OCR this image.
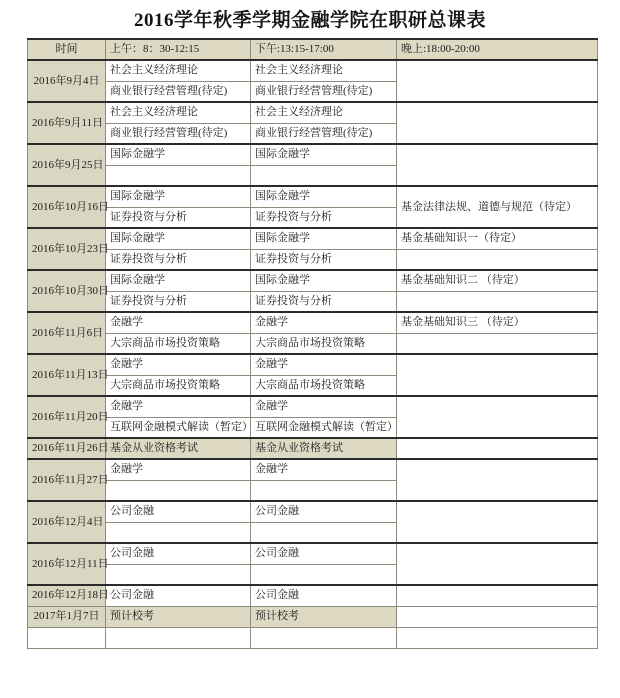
2016学年秋季学期金融学院在职研总课表
时间	上午：8：30-12:15	下午:13:15-17:00	晚上:18:00-20:00
2016年9月4日	社会主义经济理论	社会主义经济理论	
	商业银行经营管理(待定)	商业银行经营管理(待定)	
2016年9月11日	社会主义经济理论	社会主义经济理论	
	商业银行经营管理(待定)	商业银行经营管理(待定)	
2016年9月25日	国际金融学	国际金融学	

2016年10月16日	国际金融学	国际金融学	基金法律法规、道德与规范（待定）
	证券投资与分析	证券投资与分析	
2016年10月23日	国际金融学	国际金融学	基金基础知识一（待定）
	证券投资与分析	证券投资与分析	
2016年10月30日	国际金融学	国际金融学	基金基础知识二 （待定）
	证券投资与分析	证券投资与分析	
2016年11月6日	金融学	金融学	基金基础知识三 （待定）
	大宗商品市场投资策略	大宗商品市场投资策略	
2016年11月13日	金融学	金融学	
	大宗商品市场投资策略	大宗商品市场投资策略	
2016年11月20日	金融学	金融学	
	互联网金融模式解读（暂定）	互联网金融模式解读（暂定）	
2016年11月26日	基金从业资格考试	基金从业资格考试	
2016年11月27日	金融学	金融学	

2016年12月4日	公司金融	公司金融	

2016年12月11日	公司金融	公司金融	

2016年12月18日	公司金融	公司金融	
2017年1月7日	预计校考	预计校考	
